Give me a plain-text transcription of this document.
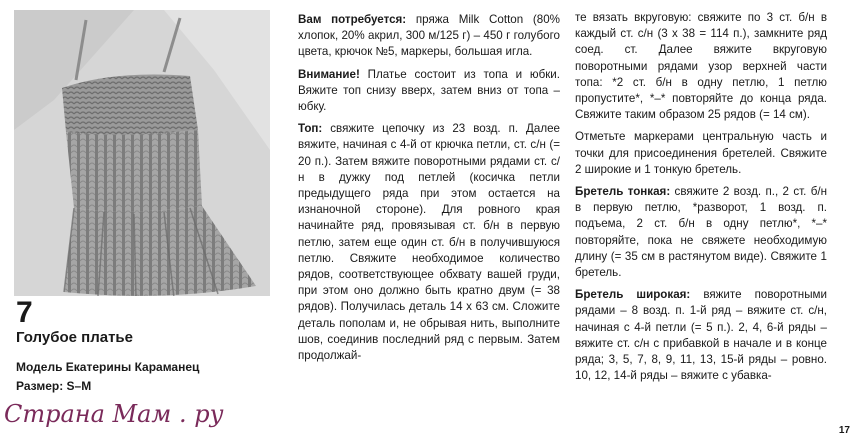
7
Голубое платье
Модель Екатерины Караманец
Размер: S–M
Страна Мам . ру

Вам потребуется: пряжа Milk Cotton (80% хлопок, 20% акрил, 300 м/125 г) – 450 г голубого цвета, крючок №5, маркеры, большая игла.

Внимание! Платье состоит из топа и юбки. Вяжите топ снизу вверх, затем вниз от топа – юбку.

Топ: свяжите цепочку из 23 возд. п. Далее вяжите, начиная с 4-й от крючка петли, ст. с/н (= 20 п.). Затем вяжите поворотными рядами ст. с/н в дужку под петлей (косичка петли предыдущего ряда при этом остается на изнаночной стороне). Для ровного края начинайте ряд, провязывая ст. б/н в первую петлю, затем еще один ст. б/н в получившуюся петлю. Свяжите необходимое количество рядов, соответствующее обхвату вашей груди, при этом оно должно быть кратно двум (= 38 рядов). Получилась деталь 14 х 63 см. Сложите деталь пополам и, не обрывая нить, выполните шов, соединив последний ряд с первым. Затем продолжай-

те вязать вкруговую: свяжите по 3 ст. б/н в каждый ст. с/н (3 х 38 = 114 п.), замкните ряд соед. ст. Далее вяжите вкруговую поворотными рядами узор верхней части топа: *2 ст. б/н в одну петлю, 1 петлю пропустите*, *–* повторяйте до конца ряда. Свяжите таким образом 25 рядов (= 14 см).

Отметьте маркерами центральную часть и точки для присоединения бретелей. Свяжите 2 широкие и 1 тонкую бретель.

Бретель тонкая: свяжите 2 возд. п., 2 ст. б/н в первую петлю, *разворот, 1 возд. п. подъема, 2 ст. б/н в одну петлю*, *–* повторяйте, пока не свяжете необходимую длину (= 35 см в растянутом виде). Свяжите 1 бретель.

Бретель широкая: вяжите поворотными рядами – 8 возд. п. 1-й ряд – вяжите ст. с/н, начиная с 4-й петли (= 5 п.). 2, 4, 6-й ряды – вяжите ст. с/н с прибавкой в начале и в конце ряда; 3, 5, 7, 8, 9, 11, 13, 15-й ряды – ровно. 10, 12, 14-й ряды – вяжите с убавка-

17
